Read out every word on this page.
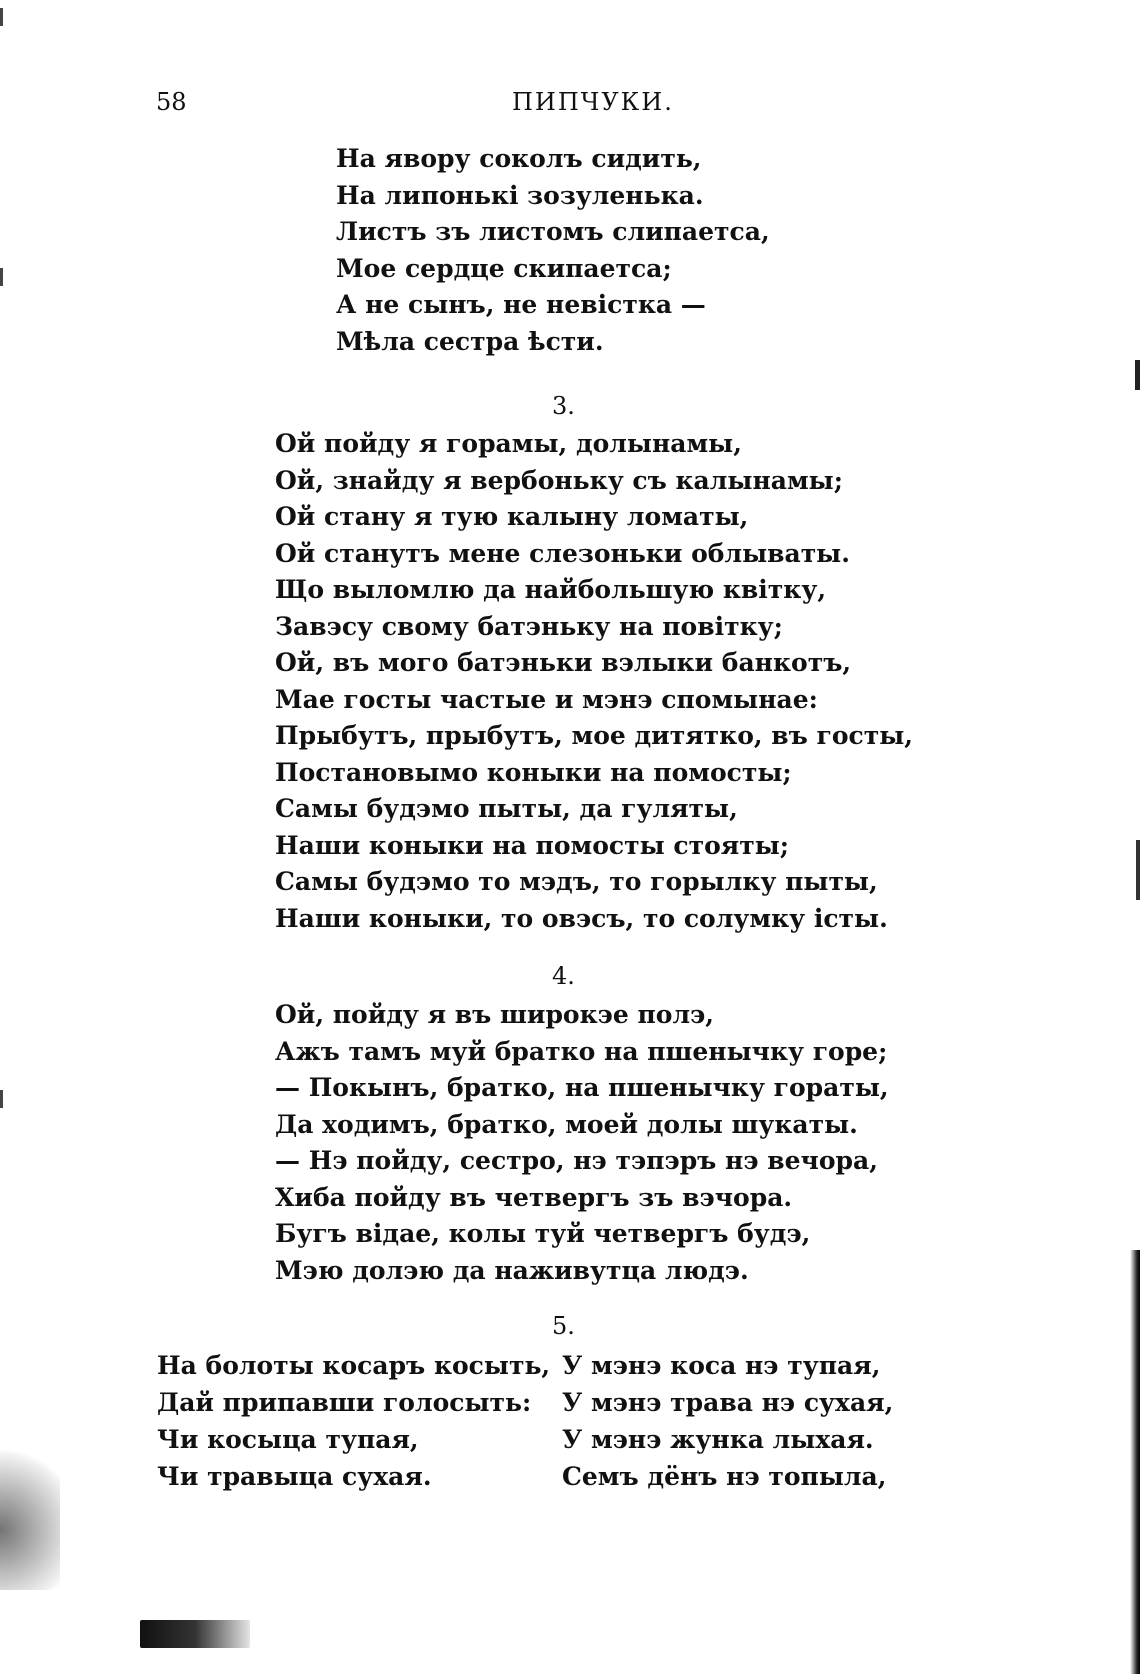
58	ПИПЧУКИ.
На явору соколъ сидить,
На липонькі зозуленька.
Листъ зъ листомъ слипаетса,
Мое сердце скипаетса;
А не сынъ, не невістка —
Мѣла сестра ѣсти.
3.
Ой пойду я горамы, долынамы,
Ой, знайду я вербоньку съ калынамы;
Ой стану я тую калыну ломаты,
Ой станутъ мене слезоньки облываты.
Що выломлю да найбольшую квітку,
Завэсу свому батэньку на повітку;
Ой, въ мого батэньки вэлыки банкотъ,
Мае госты частые и мэнэ спомынае:
Прыбутъ, прыбутъ, мое дитятко, въ госты,
Постановымо коныки на помосты;
Самы будэмо пыты, да гуляты,
Наши коныки на помосты стояты;
Самы будэмо то мэдъ, то горылку пыты,
Наши коныки, то овэсъ, то солумку істы.
4.
Ой, пойду я въ широкэе полэ,
Ажъ тамъ муй братко на пшенычку горе;
— Покынъ, братко, на пшенычку гораты,
Да ходимъ, братко, моей долы шукаты.
— Нэ пойду, сестро, нэ тэпэръ нэ вечора,
Хиба пойду въ четвергъ зъ вэчора.
Бугъ відае, колы туй четвергъ будэ,
Мэю долэю да наживутца людэ.
5.
На болоты косаръ косыть,
Дай припавши голосыть:
Чи косыца тупая,
Чи травыца сухая.
У мэнэ коса нэ тупая,
У мэнэ трава нэ сухая,
У мэнэ жунка лыхая.
Семъ дёнъ нэ топыла,
